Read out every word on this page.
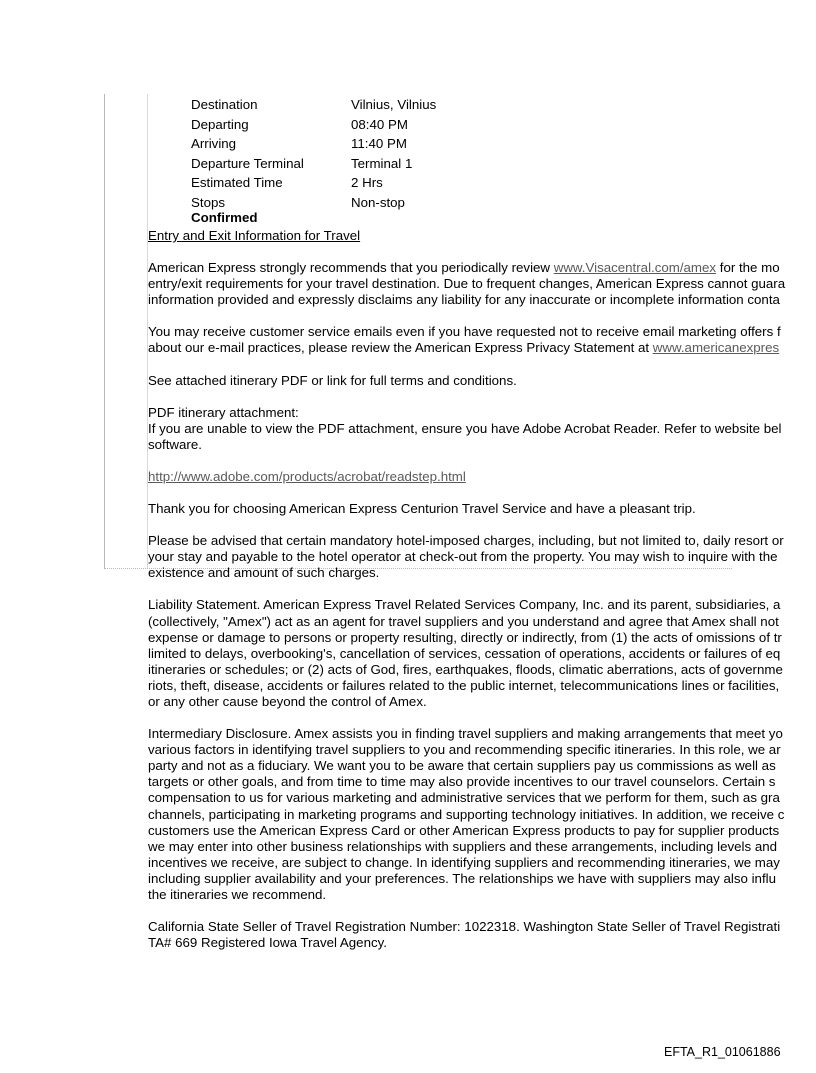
Destination	Vilnius, Vilnius
Departing	08:40 PM
Arriving	11:40 PM
Departure Terminal	Terminal 1
Estimated Time	2 Hrs
Stops	Non-stop
Confirmed

Entry and Exit Information for Travel

American Express strongly recommends that you periodically review www.Visacentral.com/amex for the mo

entry/exit requirements for your travel destination. Due to frequent changes, American Express cannot guara

information provided and expressly disclaims any liability for any inaccurate or incomplete information conta

You may receive customer service emails even if you have requested not to receive email marketing offers f

about our e-mail practices, please review the American Express Privacy Statement at www.americanexpres

See attached itinerary PDF or link for full terms and conditions.

PDF itinerary attachment:

If you are unable to view the PDF attachment, ensure you have Adobe Acrobat Reader. Refer to website bel

software.

http://www.adobe.com/products/acrobat/readstep.html

Thank you for choosing American Express Centurion Travel Service and have a pleasant trip.

Please be advised that certain mandatory hotel-imposed charges, including, but not limited to, daily resort or

your stay and payable to the hotel operator at check-out from the property. You may wish to inquire with the

existence and amount of such charges.

Liability Statement. American Express Travel Related Services Company, Inc. and its parent, subsidiaries, a

(collectively, "Amex") act as an agent for travel suppliers and you understand and agree that Amex shall not

expense or damage to persons or property resulting, directly or indirectly, from (1) the acts of omissions of tr

limited to delays, overbooking's, cancellation of services, cessation of operations, accidents or failures of eq

itineraries or schedules; or (2) acts of God, fires, earthquakes, floods, climatic aberrations, acts of governme

riots, theft, disease, accidents or failures related to the public internet, telecommunications lines or facilities,

or any other cause beyond the control of Amex.

Intermediary Disclosure. Amex assists you in finding travel suppliers and making arrangements that meet yo

various factors in identifying travel suppliers to you and recommending specific itineraries. In this role, we ar

party and not as a fiduciary. We want you to be aware that certain suppliers pay us commissions as well as

targets or other goals, and from time to time may also provide incentives to our travel counselors. Certain s

compensation to us for various marketing and administrative services that we perform for them, such as gra

channels, participating in marketing programs and supporting technology initiatives. In addition, we receive c

customers use the American Express Card or other American Express products to pay for supplier products

we may enter into other business relationships with suppliers and these arrangements, including levels and

incentives we receive, are subject to change. In identifying suppliers and recommending itineraries, we may

including supplier availability and your preferences. The relationships we have with suppliers may also influ

the itineraries we recommend.

California State Seller of Travel Registration Number: 1022318. Washington State Seller of Travel Registrati

TA# 669 Registered Iowa Travel Agency.

EFTA_R1_01061886
